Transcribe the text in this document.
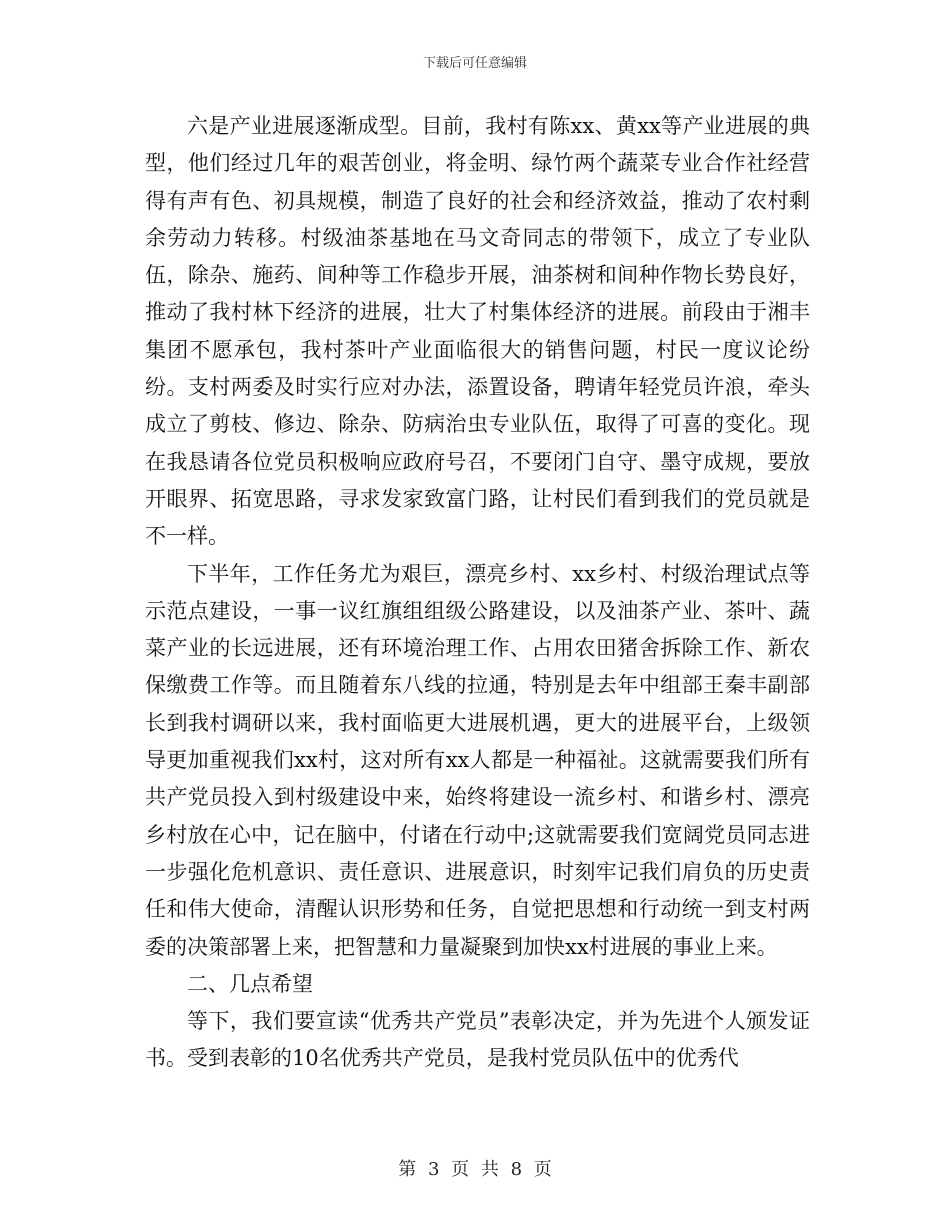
下载后可任意编辑

六是产业进展逐渐成型。目前，我村有陈xx、黄xx等产业进展的典型，他们经过几年的艰苦创业，将金明、绿竹两个蔬菜专业合作社经营得有声有色、初具规模，制造了良好的社会和经济效益，推动了农村剩余劳动力转移。村级油茶基地在马文奇同志的带领下，成立了专业队伍，除杂、施药、间种等工作稳步开展，油茶树和间种作物长势良好，推动了我村林下经济的进展，壮大了村集体经济的进展。前段由于湘丰集团不愿承包，我村茶叶产业面临很大的销售问题，村民一度议论纷纷。支村两委及时实行应对办法，添置设备，聘请年轻党员许浪，牵头成立了剪枝、修边、除杂、防病治虫专业队伍，取得了可喜的变化。现在我恳请各位党员积极响应政府号召，不要闭门自守、墨守成规，要放开眼界、拓宽思路，寻求发家致富门路，让村民们看到我们的党员就是不一样。

下半年，工作任务尤为艰巨，漂亮乡村、xx乡村、村级治理试点等示范点建设，一事一议红旗组组级公路建设，以及油茶产业、茶叶、蔬菜产业的长远进展，还有环境治理工作、占用农田猪舍拆除工作、新农保缴费工作等。而且随着东八线的拉通，特别是去年中组部王秦丰副部长到我村调研以来，我村面临更大进展机遇，更大的进展平台，上级领导更加重视我们xx村，这对所有xx人都是一种福祉。这就需要我们所有共产党员投入到村级建设中来，始终将建设一流乡村、和谐乡村、漂亮乡村放在心中，记在脑中，付诸在行动中;这就需要我们宽阔党员同志进一步强化危机意识、责任意识、进展意识，时刻牢记我们肩负的历史责任和伟大使命，清醒认识形势和任务，自觉把思想和行动统一到支村两委的决策部署上来，把智慧和力量凝聚到加快xx村进展的事业上来。

二、几点希望

等下，我们要宣读“优秀共产党员”表彰决定，并为先进个人颁发证书。受到表彰的10名优秀共产党员，是我村党员队伍中的优秀代

第 3 页 共 8 页
